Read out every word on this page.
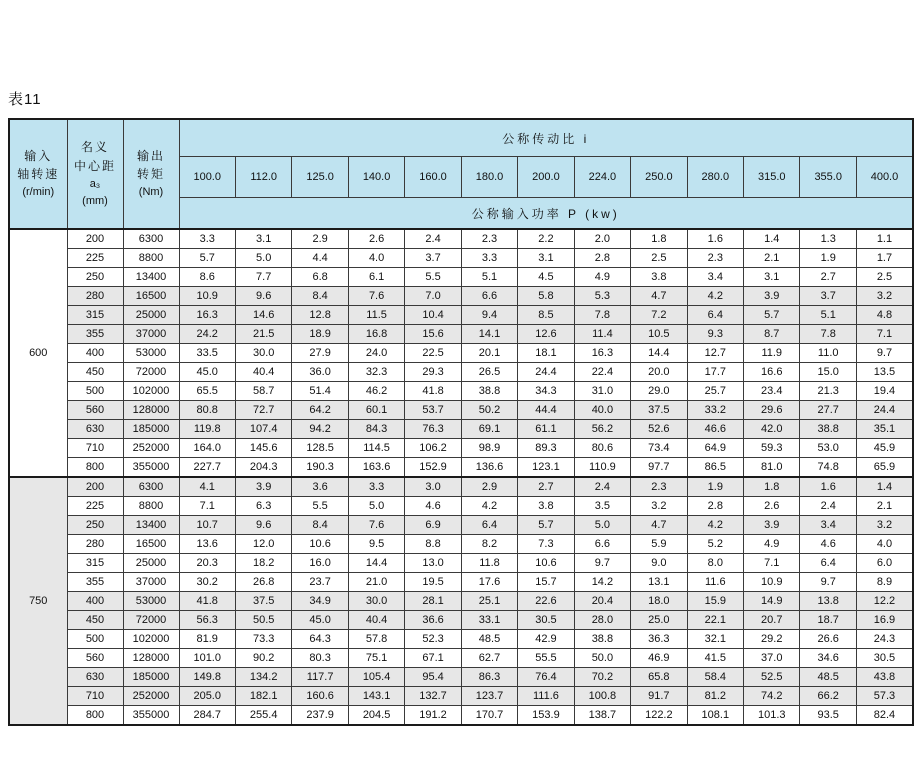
表11
输入
轴转速
(r/min)	名义
中心距
a₃
(mm)	输出
转矩
(Nm)	公称传动比 i												
			100.0	112.0	125.0	140.0	160.0	180.0	200.0	224.0	250.0	280.0	315.0	355.0	400.0
			公称输入功率 P (kw)												
600	200	6300	3.3	3.1	2.9	2.6	2.4	2.3	2.2	2.0	1.8	1.6	1.4	1.3	1.1
	225	8800	5.7	5.0	4.4	4.0	3.7	3.3	3.1	2.8	2.5	2.3	2.1	1.9	1.7
	250	13400	8.6	7.7	6.8	6.1	5.5	5.1	4.5	4.9	3.8	3.4	3.1	2.7	2.5
	280	16500	10.9	9.6	8.4	7.6	7.0	6.6	5.8	5.3	4.7	4.2	3.9	3.7	3.2
	315	25000	16.3	14.6	12.8	11.5	10.4	9.4	8.5	7.8	7.2	6.4	5.7	5.1	4.8
	355	37000	24.2	21.5	18.9	16.8	15.6	14.1	12.6	11.4	10.5	9.3	8.7	7.8	7.1
	400	53000	33.5	30.0	27.9	24.0	22.5	20.1	18.1	16.3	14.4	12.7	11.9	11.0	9.7
	450	72000	45.0	40.4	36.0	32.3	29.3	26.5	24.4	22.4	20.0	17.7	16.6	15.0	13.5
	500	102000	65.5	58.7	51.4	46.2	41.8	38.8	34.3	31.0	29.0	25.7	23.4	21.3	19.4
	560	128000	80.8	72.7	64.2	60.1	53.7	50.2	44.4	40.0	37.5	33.2	29.6	27.7	24.4
	630	185000	119.8	107.4	94.2	84.3	76.3	69.1	61.1	56.2	52.6	46.6	42.0	38.8	35.1
	710	252000	164.0	145.6	128.5	114.5	106.2	98.9	89.3	80.6	73.4	64.9	59.3	53.0	45.9
	800	355000	227.7	204.3	190.3	163.6	152.9	136.6	123.1	110.9	97.7	86.5	81.0	74.8	65.9
750	200	6300	4.1	3.9	3.6	3.3	3.0	2.9	2.7	2.4	2.3	1.9	1.8	1.6	1.4
	225	8800	7.1	6.3	5.5	5.0	4.6	4.2	3.8	3.5	3.2	2.8	2.6	2.4	2.1
	250	13400	10.7	9.6	8.4	7.6	6.9	6.4	5.7	5.0	4.7	4.2	3.9	3.4	3.2
	280	16500	13.6	12.0	10.6	9.5	8.8	8.2	7.3	6.6	5.9	5.2	4.9	4.6	4.0
	315	25000	20.3	18.2	16.0	14.4	13.0	11.8	10.6	9.7	9.0	8.0	7.1	6.4	6.0
	355	37000	30.2	26.8	23.7	21.0	19.5	17.6	15.7	14.2	13.1	11.6	10.9	9.7	8.9
	400	53000	41.8	37.5	34.9	30.0	28.1	25.1	22.6	20.4	18.0	15.9	14.9	13.8	12.2
	450	72000	56.3	50.5	45.0	40.4	36.6	33.1	30.5	28.0	25.0	22.1	20.7	18.7	16.9
	500	102000	81.9	73.3	64.3	57.8	52.3	48.5	42.9	38.8	36.3	32.1	29.2	26.6	24.3
	560	128000	101.0	90.2	80.3	75.1	67.1	62.7	55.5	50.0	46.9	41.5	37.0	34.6	30.5
	630	185000	149.8	134.2	117.7	105.4	95.4	86.3	76.4	70.2	65.8	58.4	52.5	48.5	43.8
	710	252000	205.0	182.1	160.6	143.1	132.7	123.7	111.6	100.8	91.7	81.2	74.2	66.2	57.3
	800	355000	284.7	255.4	237.9	204.5	191.2	170.7	153.9	138.7	122.2	108.1	101.3	93.5	82.4
